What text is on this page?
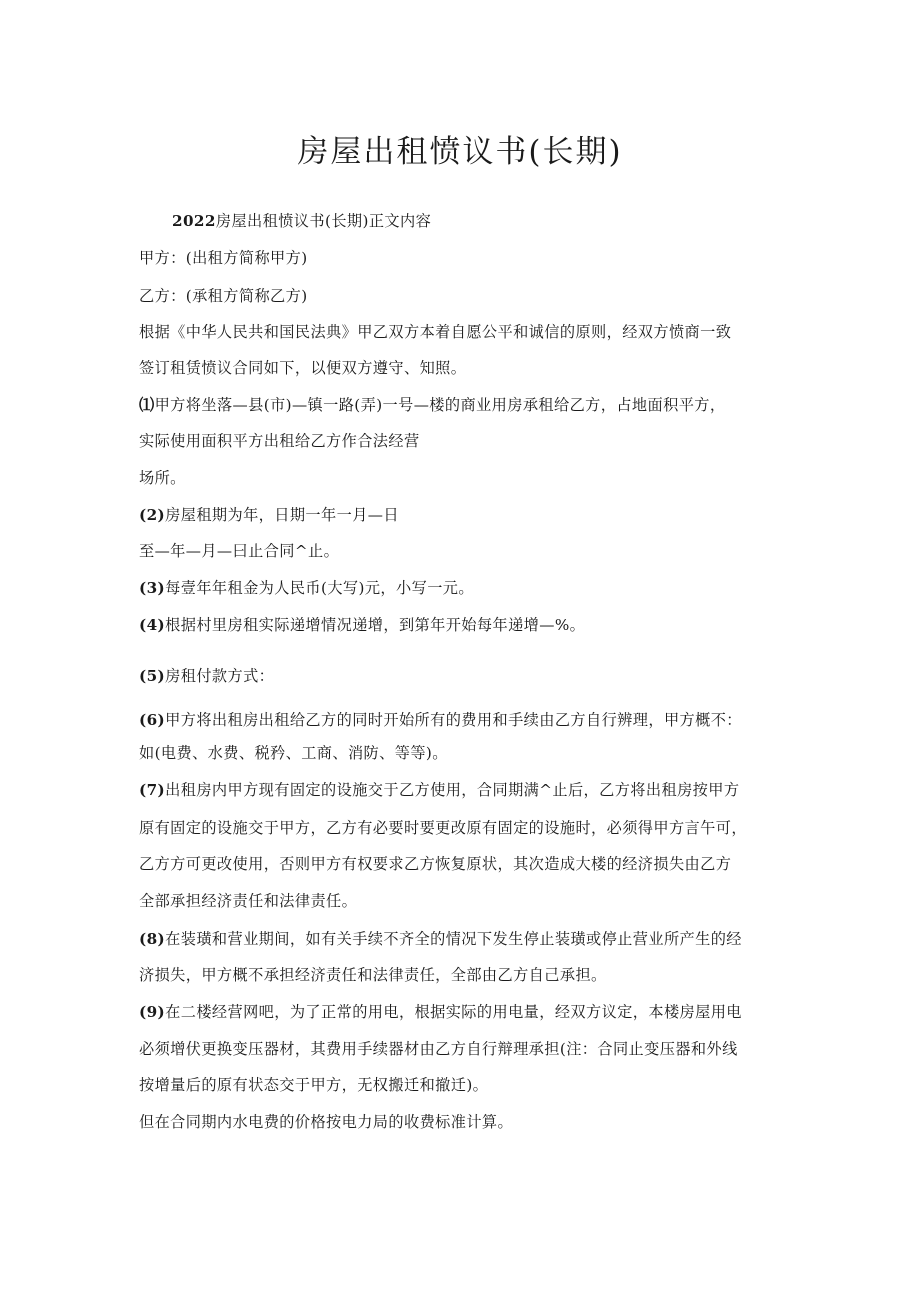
房屋出租愤议书(长期)

2022房屋出租愤议书(长期)正文内容

甲方：(出租方简称甲方)

乙方：(承租方简称乙方)

根据《中华人民共和国民法典》甲乙双方本着自愿公平和诚信的原则，经双方愤商一致

签订租赁愤议合同如下，以便双方遵守、知照。

⑴甲方将坐落—县(市)—镇一路(弄)一号—楼的商业用房承租给乙方，占地面积平方，

实际使用面积平方出租给乙方作合法经营

场所。

(2)房屋租期为年，日期一年一月—日

至—年—月—曰止合同^止。

(3)每壹年年租金为人民币(大写)元，小写一元。

(4)根据村里房租实际递增情况递增，到第年开始每年递增—%。

(5)房租付款方式：

(6)甲方将出租房出租给乙方的同时开始所有的费用和手续由乙方自行辨理，甲方概不：

如(电费、水费、税矜、工商、消防、等等)。

(7)出租房内甲方现有固定的设施交于乙方使用，合同期满^止后，乙方将出租房按甲方

原有固定的设施交于甲方，乙方有必要时要更改原有固定的设施时，必须得甲方言午可，

乙方方可更改使用，否则甲方有权要求乙方恢复原状，其次造成大楼的经济损失由乙方

全部承担经济责任和法律责任。

(8)在装璜和营业期间，如有关手续不齐全的情况下发生停止装璜或停止营业所产生的经

济损失，甲方概不承担经济责任和法律责任，全部由乙方自己承担。

(9)在二楼经营网吧，为了正常的用电，根据实际的用电量，经双方议定，本楼房屋用电

必须增伏更换变压器材，其费用手续器材由乙方自行辩理承担(注：合同止变压器和外线

按增量后的原有状态交于甲方，无权搬迁和撤迁)。

但在合同期内水电费的价格按电力局的收费标准计算。
